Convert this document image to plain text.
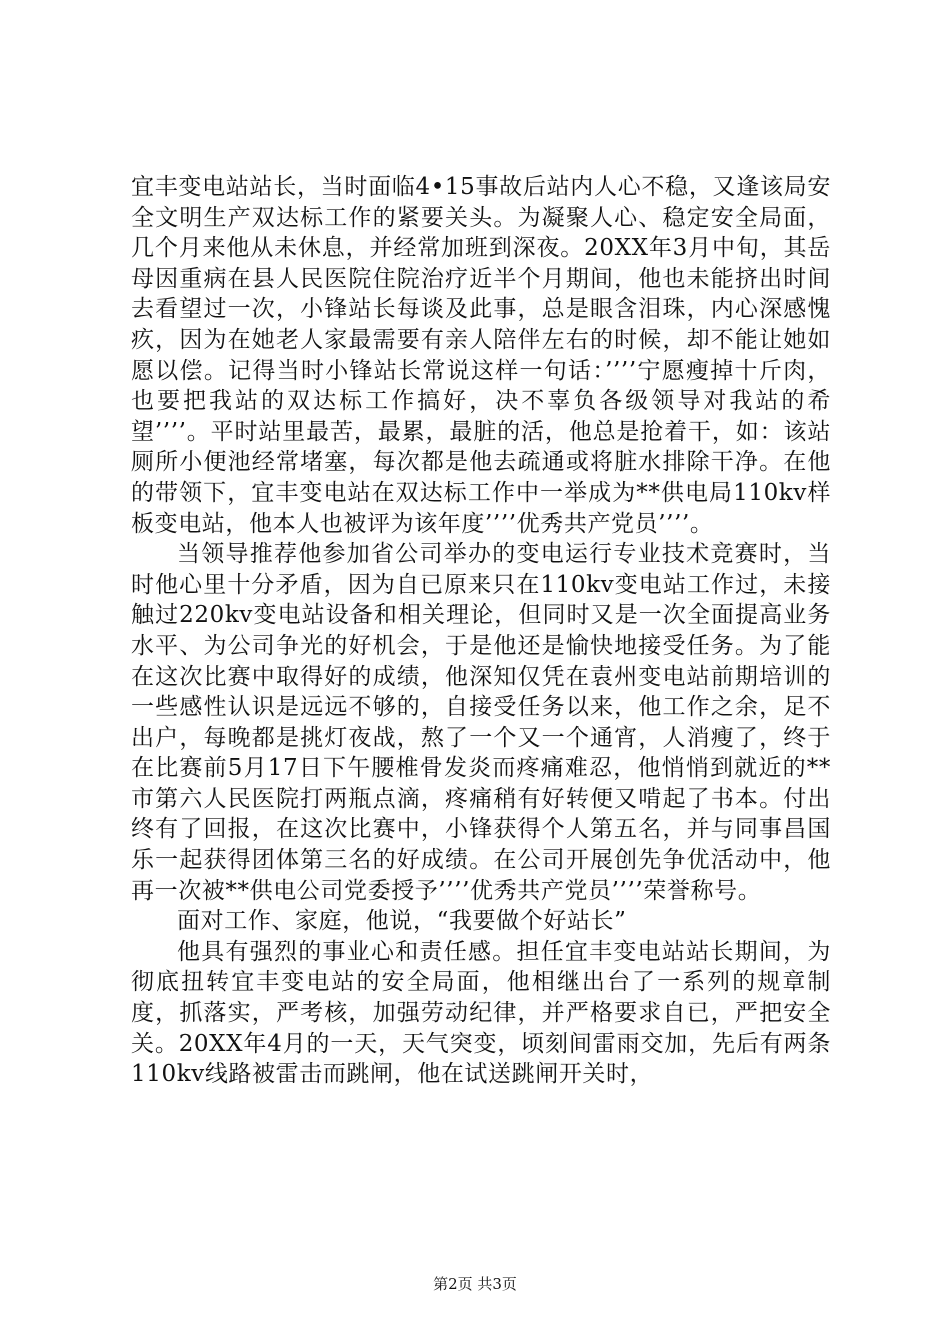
宜丰变电站站长，当时面临4•15事故后站内人心不稳，又逢该局安全文明生产双达标工作的紧要关头。为凝聚人心、稳定安全局面，几个月来他从未休息，并经常加班到深夜。20XX年3月中旬，其岳母因重病在县人民医院住院治疗近半个月期间，他也未能挤出时间去看望过一次，小锋站长每谈及此事，总是眼含泪珠，内心深感愧疚，因为在她老人家最需要有亲人陪伴左右的时候，却不能让她如愿以偿。记得当时小锋站长常说这样一句话：’’’’宁愿瘦掉十斤肉，也要把我站的双达标工作搞好，决不辜负各级领导对我站的希望’’’’。平时站里最苦，最累，最脏的活，他总是抢着干，如：该站厕所小便池经常堵塞，每次都是他去疏通或将脏水排除干净。在他的带领下，宜丰变电站在双达标工作中一举成为**供电局110kv样板变电站，他本人也被评为该年度’’’’优秀共产党员’’’’。

当领导推荐他参加省公司举办的变电运行专业技术竞赛时，当时他心里十分矛盾，因为自已原来只在110kv变电站工作过，未接触过220kv变电站设备和相关理论，但同时又是一次全面提高业务水平、为公司争光的好机会，于是他还是愉快地接受任务。为了能在这次比赛中取得好的成绩，他深知仅凭在袁州变电站前期培训的一些感性认识是远远不够的，自接受任务以来，他工作之余，足不出户，每晚都是挑灯夜战，熬了一个又一个通宵，人消瘦了，终于在比赛前5月17日下午腰椎骨发炎而疼痛难忍，他悄悄到就近的**市第六人民医院打两瓶点滴，疼痛稍有好转便又啃起了书本。付出终有了回报，在这次比赛中，小锋获得个人第五名，并与同事昌国乐一起获得团体第三名的好成绩。在公司开展创先争优活动中，他再一次被**供电公司党委授予’’’’优秀共产党员’’’’荣誉称号。

面对工作、家庭，他说，“我要做个好站长”

他具有强烈的事业心和责任感。担任宜丰变电站站长期间，为彻底扭转宜丰变电站的安全局面，他相继出台了一系列的规章制度，抓落实，严考核，加强劳动纪律，并严格要求自已，严把安全关。20XX年4月的一天，天气突变，顷刻间雷雨交加，先后有两条110kv线路被雷击而跳闸，他在试送跳闸开关时，

第2页 共3页
